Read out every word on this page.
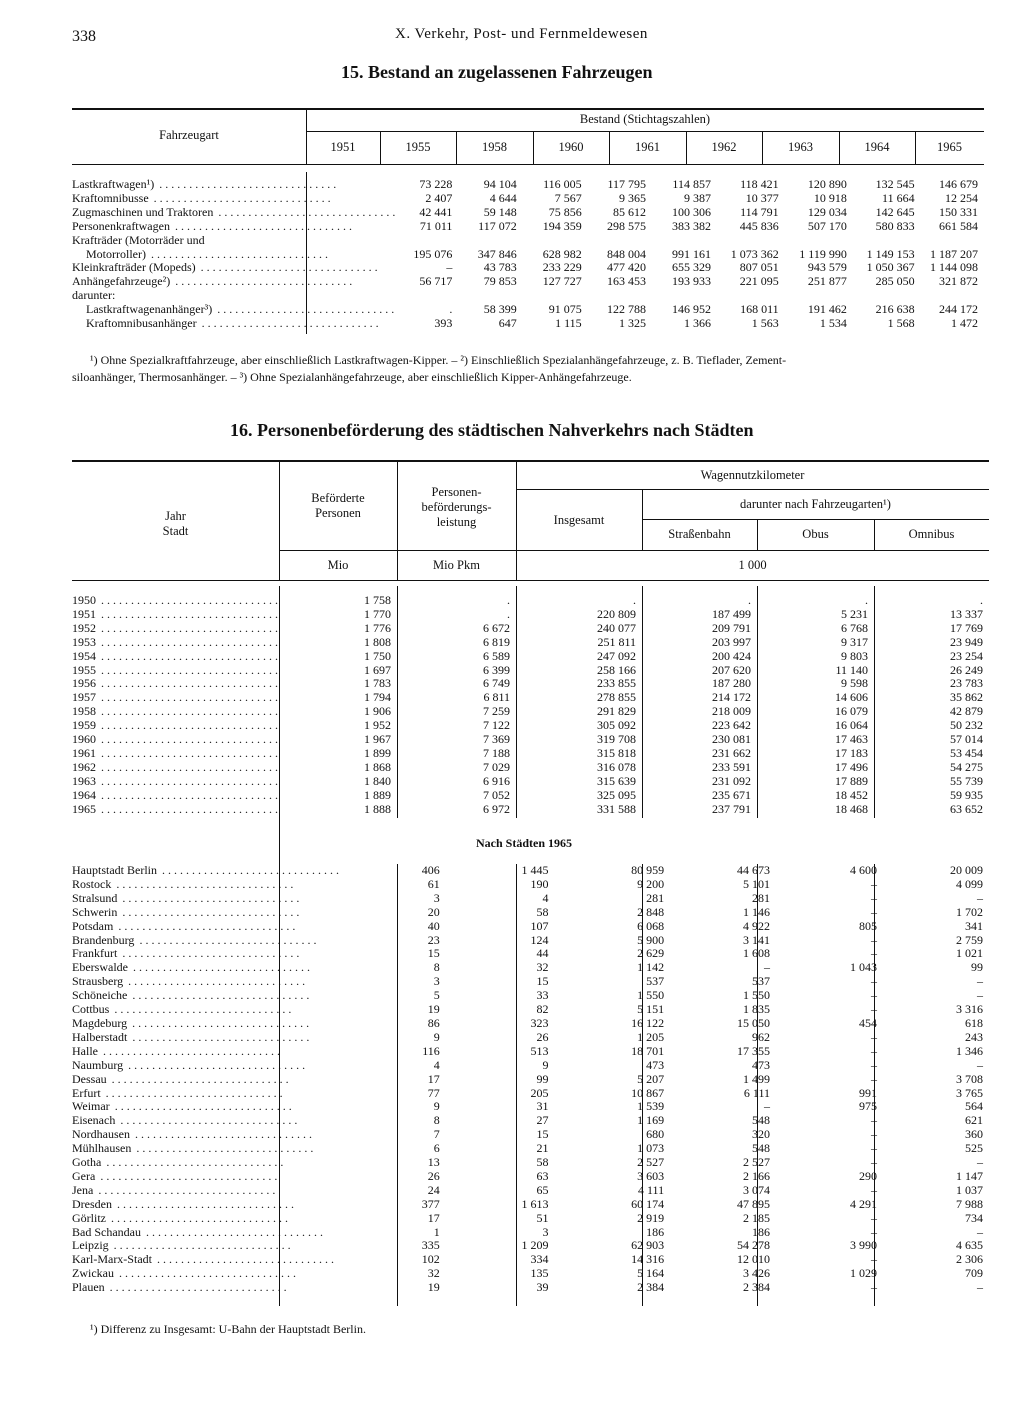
338	X. Verkehr, Post- und Fernmeldewesen
15. Bestand an zugelassenen Fahrzeugen
Fahrzeugart
Bestand (Stichtagszahlen)
1951	1955	1958	1960	1961	1962	1963	1964	1965
Lastkraftwagen¹) . . . . . . . . . . . . . . . . . . . . . . . . . . . . . .	73 228	94 104	116 005	117 795	114 857	118 421	120 890	132 545	146 679
Kraftomnibusse . . . . . . . . . . . . . . . . . . . . . . . . . . . . . .	2 407	4 644	7 567	9 365	9 387	10 377	10 918	11 664	12 254
Zugmaschinen und Traktoren . . . . . . . . . . . . . . . . . . . . . . . . . . . . . .	42 441	59 148	75 856	85 612	100 306	114 791	129 034	142 645	150 331
Personenkraftwagen . . . . . . . . . . . . . . . . . . . . . . . . . . . . . .	71 011	117 072	194 359	298 575	383 382	445 836	507 170	580 833	661 584
Krafträder (Motorräder und									
Motorroller) . . . . . . . . . . . . . . . . . . . . . . . . . . . . . .	195 076	347 846	628 982	848 004	991 161	1 073 362	1 119 990	1 149 153	1 187 207
Kleinkrafträder (Mopeds) . . . . . . . . . . . . . . . . . . . . . . . . . . . . . .	–	43 783	233 229	477 420	655 329	807 051	943 579	1 050 367	1 144 098
Anhängefahrzeuge²) . . . . . . . . . . . . . . . . . . . . . . . . . . . . . .	56 717	79 853	127 727	163 453	193 933	221 095	251 877	285 050	321 872
darunter:									
Lastkraftwagenanhänger³) . . . . . . . . . . . . . . . . . . . . . . . . . . . . . .	.	58 399	91 075	122 788	146 952	168 011	191 462	216 638	244 172
Kraftomnibusanhänger . . . . . . . . . . . . . . . . . . . . . . . . . . . . . .	393	647	1 115	1 325	1 366	1 563	1 534	1 568	1 472
¹) Ohne Spezialkraftfahrzeuge, aber einschließlich Lastkraftwagen-Kipper. – ²) Einschließlich Spezialanhängefahrzeuge, z. B. Tieflader, Zement-
siloanhänger, Thermosanhänger. – ³) Ohne Spezialanhängefahrzeuge, aber einschließlich Kipper-Anhängefahrzeuge.
16. Personenbeförderung des städtischen Nahverkehrs nach Städten
Jahr
Stadt
Beförderte
Personen
Personen-
beförderungs-
leistung
Wagennutzkilometer
Insgesamt
darunter nach Fahrzeugarten¹)
Straßenbahn	Obus	Omnibus
Mio	Mio Pkm	1 000
1950 . . . . . . . . . . . . . . . . . . . . . . . . . . . . . .	1 758	.	.	.	.	.
1951 . . . . . . . . . . . . . . . . . . . . . . . . . . . . . .	1 770	.	220 809	187 499	5 231	13 337
1952 . . . . . . . . . . . . . . . . . . . . . . . . . . . . . .	1 776	6 672	240 077	209 791	6 768	17 769
1953 . . . . . . . . . . . . . . . . . . . . . . . . . . . . . .	1 808	6 819	251 811	203 997	9 317	23 949
1954 . . . . . . . . . . . . . . . . . . . . . . . . . . . . . .	1 750	6 589	247 092	200 424	9 803	23 254
1955 . . . . . . . . . . . . . . . . . . . . . . . . . . . . . .	1 697	6 399	258 166	207 620	11 140	26 249
1956 . . . . . . . . . . . . . . . . . . . . . . . . . . . . . .	1 783	6 749	233 855	187 280	9 598	23 783
1957 . . . . . . . . . . . . . . . . . . . . . . . . . . . . . .	1 794	6 811	278 855	214 172	14 606	35 862
1958 . . . . . . . . . . . . . . . . . . . . . . . . . . . . . .	1 906	7 259	291 829	218 009	16 079	42 879
1959 . . . . . . . . . . . . . . . . . . . . . . . . . . . . . .	1 952	7 122	305 092	223 642	16 064	50 232
1960 . . . . . . . . . . . . . . . . . . . . . . . . . . . . . .	1 967	7 369	319 708	230 081	17 463	57 014
1961 . . . . . . . . . . . . . . . . . . . . . . . . . . . . . .	1 899	7 188	315 818	231 662	17 183	53 454
1962 . . . . . . . . . . . . . . . . . . . . . . . . . . . . . .	1 868	7 029	316 078	233 591	17 496	54 275
1963 . . . . . . . . . . . . . . . . . . . . . . . . . . . . . .	1 840	6 916	315 639	231 092	17 889	55 739
1964 . . . . . . . . . . . . . . . . . . . . . . . . . . . . . .	1 889	7 052	325 095	235 671	18 452	59 935
1965 . . . . . . . . . . . . . . . . . . . . . . . . . . . . . .	1 888	6 972	331 588	237 791	18 468	63 652
Nach Städten 1965
Hauptstadt Berlin . . . . . . . . . . . . . . . . . . . . . . . . . . . . . .	406	1 445	80 959	44 673	4 600	20 009
Rostock . . . . . . . . . . . . . . . . . . . . . . . . . . . . . .	61	190	9 200	5 101	–	4 099
Stralsund . . . . . . . . . . . . . . . . . . . . . . . . . . . . . .	3	4	281	281	–	–
Schwerin . . . . . . . . . . . . . . . . . . . . . . . . . . . . . .	20	58	2 848	1 146	–	1 702
Potsdam . . . . . . . . . . . . . . . . . . . . . . . . . . . . . .	40	107	6 068	4 922	805	341
Brandenburg . . . . . . . . . . . . . . . . . . . . . . . . . . . . . .	23	124	5 900	3 141	–	2 759
Frankfurt . . . . . . . . . . . . . . . . . . . . . . . . . . . . . .	15	44	2 629	1 608	–	1 021
Eberswalde . . . . . . . . . . . . . . . . . . . . . . . . . . . . . .	8	32	1 142	–	1 043	99
Strausberg . . . . . . . . . . . . . . . . . . . . . . . . . . . . . .	3	15	537	537	–	–
Schöneiche . . . . . . . . . . . . . . . . . . . . . . . . . . . . . .	5	33	1 550	1 550	–	–
Cottbus . . . . . . . . . . . . . . . . . . . . . . . . . . . . . .	19	82	5 151	1 835	–	3 316
Magdeburg . . . . . . . . . . . . . . . . . . . . . . . . . . . . . .	86	323	16 122	15 050	454	618
Halberstadt . . . . . . . . . . . . . . . . . . . . . . . . . . . . . .	9	26	1 205	962	–	243
Halle . . . . . . . . . . . . . . . . . . . . . . . . . . . . . .	116	513	18 701	17 355	–	1 346
Naumburg . . . . . . . . . . . . . . . . . . . . . . . . . . . . . .	4	9	473	473	–	–
Dessau . . . . . . . . . . . . . . . . . . . . . . . . . . . . . .	17	99	5 207	1 499	–	3 708
Erfurt . . . . . . . . . . . . . . . . . . . . . . . . . . . . . .	77	205	10 867	6 111	991	3 765
Weimar . . . . . . . . . . . . . . . . . . . . . . . . . . . . . .	9	31	1 539	–	975	564
Eisenach . . . . . . . . . . . . . . . . . . . . . . . . . . . . . .	8	27	1 169	548	–	621
Nordhausen . . . . . . . . . . . . . . . . . . . . . . . . . . . . . .	7	15	680	320	–	360
Mühlhausen . . . . . . . . . . . . . . . . . . . . . . . . . . . . . .	6	21	1 073	548	–	525
Gotha . . . . . . . . . . . . . . . . . . . . . . . . . . . . . .	13	58	2 527	2 527	–	–
Gera . . . . . . . . . . . . . . . . . . . . . . . . . . . . . .	26	63	3 603	2 166	290	1 147
Jena . . . . . . . . . . . . . . . . . . . . . . . . . . . . . .	24	65	4 111	3 074	–	1 037
Dresden . . . . . . . . . . . . . . . . . . . . . . . . . . . . . .	377	1 613	60 174	47 895	4 291	7 988
Görlitz . . . . . . . . . . . . . . . . . . . . . . . . . . . . . .	17	51	2 919	2 185	–	734
Bad Schandau . . . . . . . . . . . . . . . . . . . . . . . . . . . . . .	1	3	186	186	–	–
Leipzig . . . . . . . . . . . . . . . . . . . . . . . . . . . . . .	335	1 209	62 903	54 278	3 990	4 635
Karl-Marx-Stadt . . . . . . . . . . . . . . . . . . . . . . . . . . . . . .	102	334	14 316	12 010	–	2 306
Zwickau . . . . . . . . . . . . . . . . . . . . . . . . . . . . . .	32	135	5 164	3 426	1 029	709
Plauen . . . . . . . . . . . . . . . . . . . . . . . . . . . . . .	19	39	2 384	2 384	–	–
¹) Differenz zu Insgesamt: U-Bahn der Hauptstadt Berlin.
